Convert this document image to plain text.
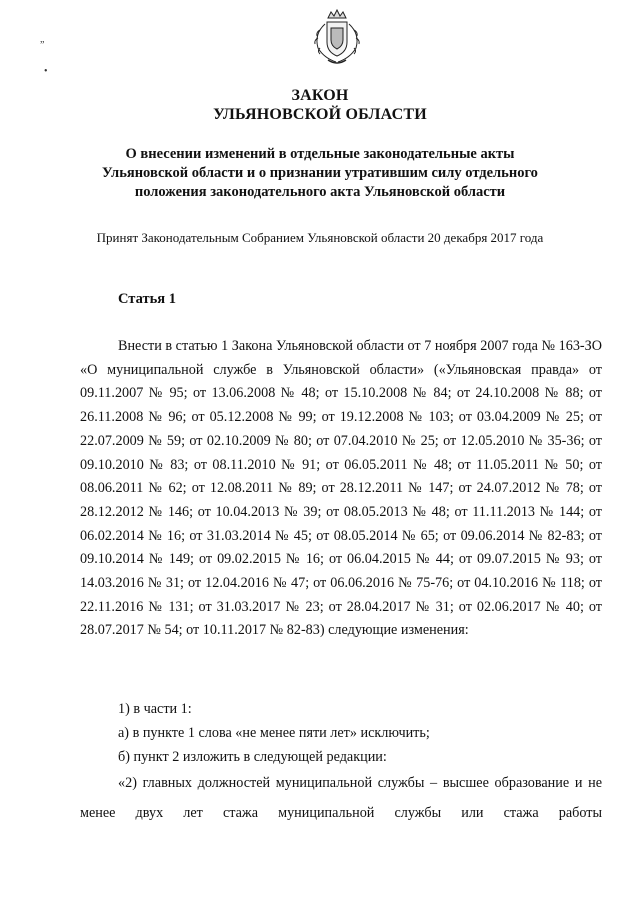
„
•
ЗАКОН
УЛЬЯНОВСКОЙ ОБЛАСТИ
О внесении изменений в отдельные законодательные акты
Ульяновской области и о признании утратившим силу отдельного
положения законодательного акта Ульяновской области
Принят Законодательным Собранием Ульяновской области 20 декабря 2017 года
Статья 1

Внести в статью 1 Закона Ульяновской области от 7 ноября 2007 года № 163-ЗО «О муниципальной службе в Ульяновской области» («Ульяновская правда» от 09.11.2007 № 95; от 13.06.2008 № 48; от 15.10.2008 № 84; от 24.10.2008 № 88; от 26.11.2008 № 96; от 05.12.2008 № 99; от 19.12.2008 № 103; от 03.04.2009 № 25; от 22.07.2009 № 59; от 02.10.2009 № 80; от 07.04.2010 № 25; от 12.05.2010 № 35-36; от 09.10.2010 № 83; от 08.11.2010 № 91; от 06.05.2011 № 48; от 11.05.2011 № 50; от 08.06.2011 № 62; от 12.08.2011 № 89; от 28.12.2011 № 147; от 24.07.2012 № 78; от 28.12.2012 № 146; от 10.04.2013 № 39; от 08.05.2013 № 48; от 11.11.2013 № 144; от 06.02.2014 № 16; от 31.03.2014 № 45; от 08.05.2014 № 65; от 09.06.2014 № 82-83; от 09.10.2014 № 149; от 09.02.2015 № 16; от 06.04.2015 № 44; от 09.07.2015 № 93; от 14.03.2016 № 31; от 12.04.2016 № 47; от 06.06.2016 № 75-76; от 04.10.2016 № 118; от 22.11.2016 № 131; от 31.03.2017 № 23; от 28.04.2017 № 31; от 02.06.2017 № 40; от 28.07.2017 № 54; от 10.11.2017 № 82-83) следующие изменения:

1) в части 1:

а) в пункте 1 слова «не менее пяти лет» исключить;

б) пункт 2 изложить в следующей редакции:

«2) главных должностей муниципальной службы – высшее образование и не менее двух лет стажа муниципальной службы или стажа работы
